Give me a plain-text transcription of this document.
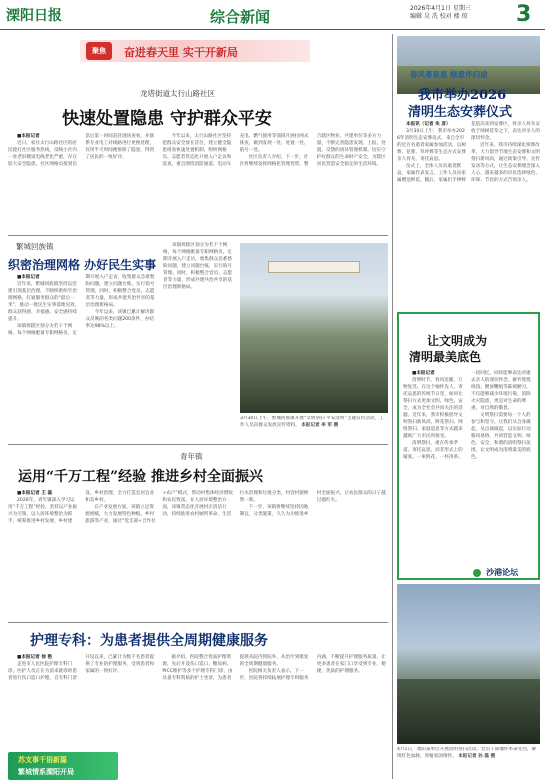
溧阳日报	综合新闻	2026年4月1日 星期三
编辑 吴 冼 校对 楼 琼 3
聚焦	奋进春天里 实干开新局
龙塔街道太行山路社区
快速处置隐患 守护群众平安

■本报记者

近日，家住太行山路社区的居民拨打社区服务热线，反映小区内一处老旧楼道电线老化严重，存在较大安全隐患。社区网格员接到信息后第一时间赶赴现场查看，并联系专业电工对线路进行更换处理，仅用半天时间便排除了隐患，得到了居民的一致好评。

今年以来，太行山路社区坚持把群众安全放在首位，建立健全隐患排查快速处置机制，组织网格员、志愿者常态化开展入户走访和巡查，重点围绕消防通道、电动车充电、燃气使用等领域开展拉网式排查，做到发现一处、处置一处、销号一处。

社区负责人介绍，下一步，社区将继续发挥网格化管理优势，整合辖区物业、共建单位等多方力量，不断完善隐患发现、上报、处置、反馈的闭环管理机制，切实守护好群众的生命财产安全，为辖区居民营造安全稳定的生活环境。

繁城回族镇
织密治理网格 办好民生实事

■本报记者

近年来，繁城回族镇坚持以党建引领基层治理，不断织密织牢治理网格，打通服务群众的“最后一米”，推动一批民生实事落地见效，群众获得感、幸福感、安全感持续提升。

该镇将辖区划分为若干个网格，每个网格配备专职网格员，定期开展入户走访，收集群众急难愁盼问题，建立问题台账，实行销号管理。同时，积极整合党员、志愿者等力量，形成共建共治共享的基层治理新格局。

今年以来，该镇已累计解决群众反映的各类问题200余件，办结率达98%以上。

该镇将辖区划分为若干个网格，每个网格配备专职网格员，定期开展入户走访，收集群众急难愁盼问题，建立问题台账，实行销号管理。同时，积极整合党员、志愿者等力量，形成共建共治共享的基层治理新格局。

3月30日上午，繁城回族镇开展“文明祭扫 平安清明”主题宣传活动，工作人员向群众发放宣传资料。 本报记者 李 军 摄
青年镇
运用“千万工程”经验 推进乡村全面振兴

■本报记者 王 磊

2026年，青年镇深入学习运用“千万工程”经验，坚持以产业振兴为引领，以人居环境整治为抓手，统筹推进乡村发展、乡村建设、乡村治理，全力打造宜居宜业和美乡村。

在产业发展方面，该镇立足资源禀赋，大力发展特色种植、乡村旅游等产业，通过“党支部+合作社+农户”模式，带动村集体经济增收和农民致富。在人居环境整治方面，该镇常态化开展村庄清洁行动，持续推进农村厕所革命、生活污水治理和垃圾分类，村容村貌焕然一新。

下一步，该镇将继续坚持因地制宜、分类施策，久久为功推进乡村全面振兴，让农民群众的日子越过越红火。

护理专科：为患者提供全周期健康服务

■本报记者 徐 艳

走进市人民医院护理专科门诊，医护人员正在为前来就诊的患者进行伤口造口护理。自专科门诊开设以来，已累计为数千名患者提供了专业的护理服务，受到患者和家属的一致好评。

据介绍，医院整合优质护理资源，先后开设伤口造口、糖尿病、PICC维护等多个护理专科门诊，由具备专科资质的护士坐诊，为患者提供从院内到院外、从治疗到康复的全周期健康服务。

医院相关负责人表示，下一步，医院将持续拓展护理专科服务内涵，不断提升护理服务质量，让更多患者在家门口享受到专业、便捷、优质的护理服务。

苏支事千语新篇
繁城情系溧阳开局
春风寄哀思 绿意伴归途
我市举办2026
清明生态安葬仪式

本报讯（记者 朱 彦）

3月30日上午，我市举办2026年清明生态安葬仪式，来自全市的近百名逝者家属参加活动，以树葬、花葬、草坪葬等生态方式安葬亲人骨灰，寄托哀思。

仪式上，全体人员向逝者默哀，家属代表发言，工作人员向家属赠送鲜花。随后，家属们手捧鲜花依次来到安葬区，将亲人骨灰安放于绿树花草之下，表达对亲人的深切怀念。

近年来，我市持续深化殡葬改革，大力倡导节地生态安葬和文明祭扫新风尚，通过政策引导、宣传发动等方式，让生态安葬理念深入人心，越来越多的市民选择绿色、环保、节俭的方式告别亲人。

让文明成为
清明最美底色

■本报记者

清明时节，春风送暖，万物复苏。在这个缅怀先人、寄托哀思的传统节日里，如何让祭扫方式更加文明、绿色、安全，成为全社会共同关注的话题。近年来，我市积极倡导文明祭扫新风尚，鲜花祭扫、网络祭扫、家庭追思等方式越来越被广大市民所接受。

清明祭扫，重在传承孝道、寄托哀思，而非形式上的铺张。一束鲜花、一杯清茶、一段回忆，同样能够表达对逝去亲人的深切怀念。摒弃焚烧纸钱、燃放鞭炮等陈规陋习，不仅能够减少环境污染、消除火灾隐患，更是对生命的尊重、对自然的敬畏。

文明祭扫需要每一个人的参与和坚守。让我们从自身做起，从点滴做起，以实际行动移风易俗，共同营造文明、绿色、安全、和谐的清明祭扫氛围，让文明成为清明最美的底色。

沙港论坛
4月1日，溧阳某单位开展清明祭扫活动，党员干部缅怀革命先烈，赓续红色血脉，厚植家国情怀。 本报记者 孙 磊 摄
